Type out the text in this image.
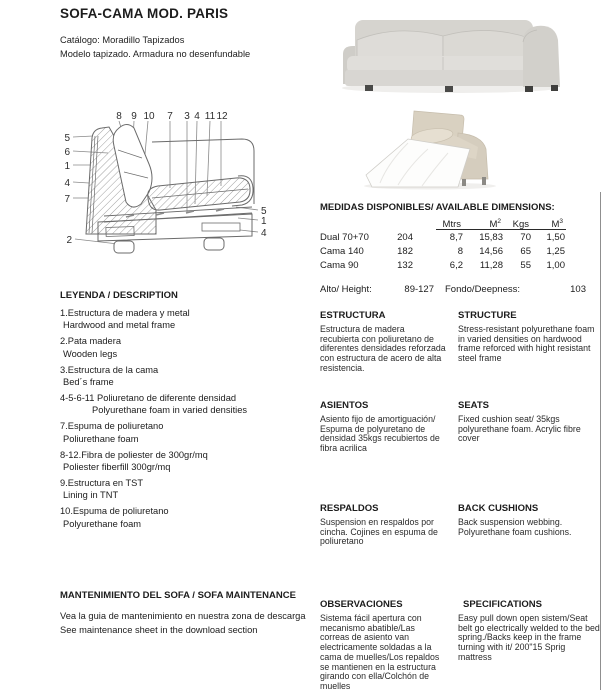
SOFA-CAMA MOD. PARIS
Catálogo: Moradillo Tapizados
Modelo tapizado. Armadura no desenfundable
8 9 10 7 3 4 11 12
5
6
1
4
7
2
5
1
4
MEDIDAS DISPONIBLES/ AVAILABLE DIMENSIONS:
Mtrs	$M^2$	Kgs	$M^3$
Dual 70+70	204	8,7	15,83	70	1,50
Cama 140	182	8	14,56	65	1,25
Cama 90	132	6,2	11,28	55	1,00
Alto/ Height:	89-127 Fondo/Deepness:	103
LEYENDA / DESCRIPTION
1.Estructura de madera y metal
Hardwood and metal frame
2.Pata madera
Wooden legs
3.Estructura de la cama
Bed´s frame
4-5-6-11 Poliuretano de diferente densidad
Polyurethane foam in varied densities
7.Espuma de poliuretano
Poliurethane foam
8-12.Fibra de poliester de 300gr/mq
Poliester fiberfill 300gr/mq
9.Estructura en TST
Lining in TNT
10.Espuma de poliuretano
Polyurethane foam
ESTRUCTURA
Estructura de madera recubierta con poliuretano de diferentes densidades reforzada con estructura de acero de alta resistencia.
STRUCTURE
Stress-resistant polyurethane foam in varied densities on hardwood frame reforced with hight resistant steel frame
ASIENTOS
Asiento fijo de amortiguación/ Espuma de polyuretano de densidad 35kgs recubiertos de fibra acrilica
SEATS
Fixed cushion seat/ 35kgs polyurethane foam. Acrylic fibre cover
RESPALDOS
Suspension en respaldos por cincha. Cojines en espuma de poliuretano
BACK CUSHIONS
Back suspension webbing. Polyurethane foam cushions.
OBSERVACIONES
Sistema fácil apertura con mecanismo abatible/Las correas de asiento van electricamente soldadas a la cama de muelles/Los repaldos se mantienen en la estructura girando con ella/Colchón de muelles
SPECIFICATIONS
Easy pull down open sistem/Seat belt go electrically welded to the bed spring./Backs keep in the frame turning with it/ 200"15 Sprig mattress
MANTENIMIENTO DEL SOFA / SOFA MAINTENANCE
Vea la guia de mantenimiento en nuestra zona de descarga
See maintenance sheet in the download section
